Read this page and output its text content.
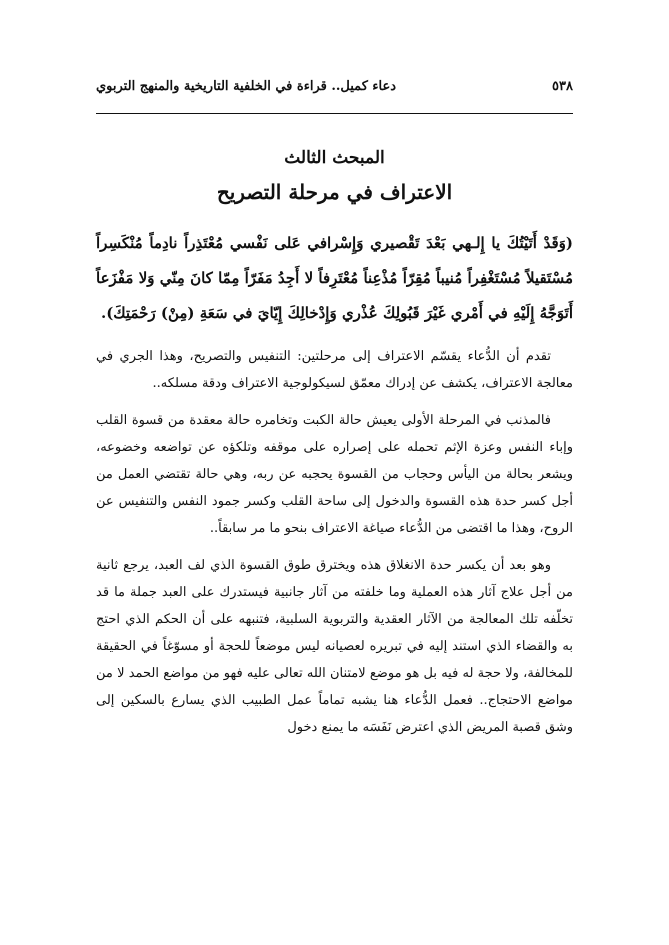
٥٣٨
دعاء كميل.. قراءة في الخلفية التاريخية والمنهج التربوي
المبحث الثالث
الاعتراف في مرحلة التصريح

(وَقَدْ أَتَيْتُكَ يا إِلـهي بَعْدَ تَقْصيري وَإِسْرافي عَلى نَفْسي مُعْتَذِراً نادِماً مُنْكَسِراً مُسْتَقيلاً مُسْتَغْفِراً مُنيباً مُقِرّاً مُذْعِناً مُعْتَرِفاً لا أَجِدُ مَفَرّاً مِمّا كانَ مِنّي وَلا مَفْزَعاً أَتَوَجَّهُ إِلَيْهِ في أَمْري غَيْرَ قَبُولِكَ عُذْري وَإِدْخالِكَ إِيّايَ في سَعَةِ (مِنْ) رَحْمَتِكَ).

تقدم أن الدُّعاء يقسّم الاعتراف إلى مرحلتين: التنفيس والتصريح، وهذا الجري في معالجة الاعتراف، يكشف عن إدراك معمّق لسيكولوجية الاعتراف ودقة مسلكه..

فالمذنب في المرحلة الأولى يعيش حالة الكبت وتخامره حالة معقدة من قسوة القلب وإباء النفس وعزة الإثم تحمله على إصراره على موقفه وتلكؤه عن تواضعه وخضوعه، ويشعر بحالة من اليأس وحجاب من القسوة يحجبه عن ربه، وهي حالة تقتضي العمل من أجل كسر حدة هذه القسوة والدخول إلى ساحة القلب وكسر جمود النفس والتنفيس عن الروح، وهذا ما اقتضى من الدُّعاء صياغة الاعتراف بنحو ما مر سابقاً..

وهو بعد أن يكسر حدة الانغلاق هذه ويخترق طوق القسوة الذي لف العبد، يرجع ثانية من أجل علاج آثار هذه العملية وما خلفته من آثار جانبية فيستدرك على العبد جملة ما قد تخلّفه تلك المعالجة من الآثار العقدية والتربوية السلبية، فتنبهه على أن الحكم الذي احتج به والقضاء الذي استند إليه في تبريره لعصيانه ليس موضعاً للحجة أو مسوّغاً في الحقيقة للمخالفة، ولا حجة له فيه بل هو موضع لامتنان الله تعالى عليه فهو من مواضع الحمد لا من مواضع الاحتجاج.. فعمل الدُّعاء هنا يشبه تماماً عمل الطبيب الذي يسارع بالسكين إلى وشق قصبة المريض الذي اعترض نَفَسَه ما يمنع دخول
